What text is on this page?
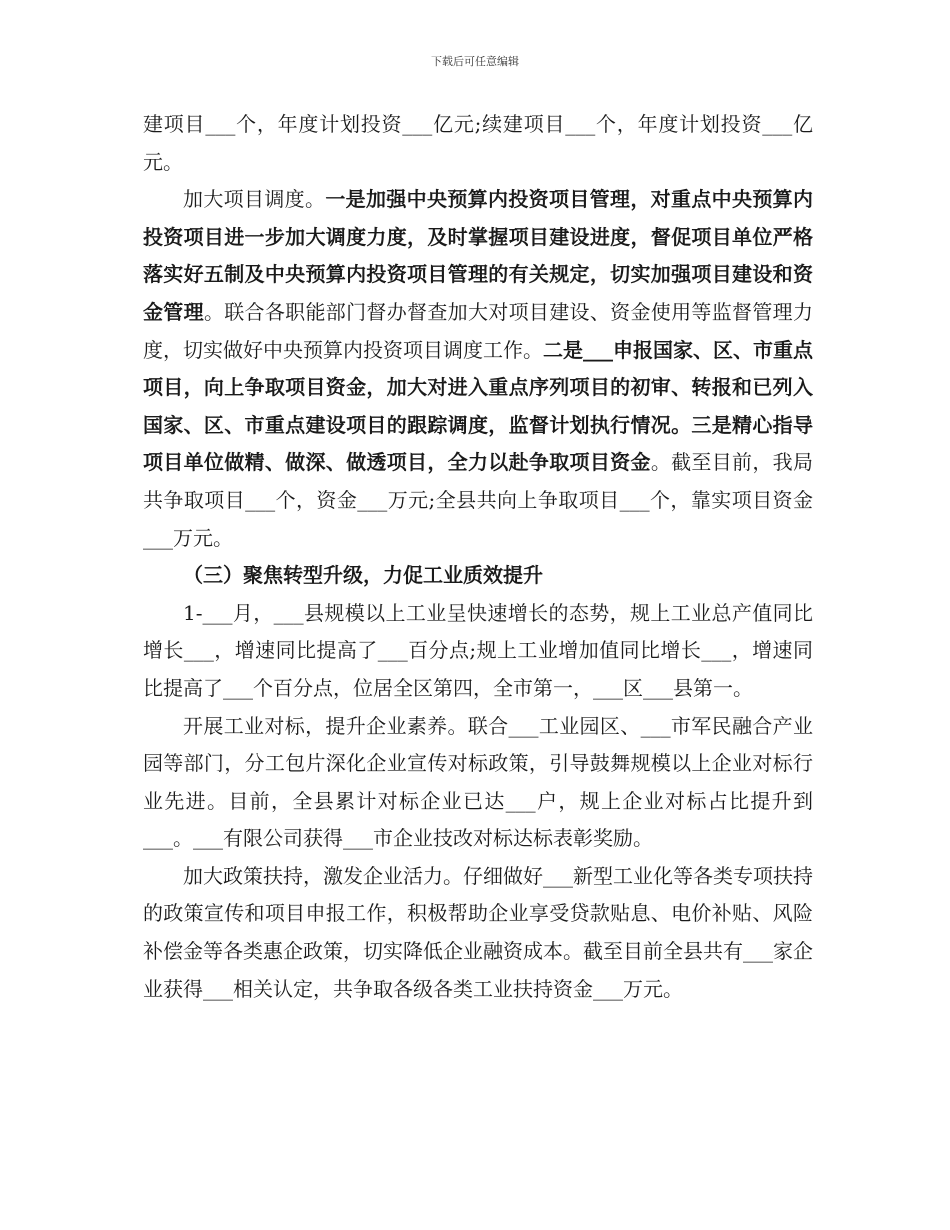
下载后可任意编辑

建项目___个，年度计划投资___亿元;续建项目___个，年度计划投资___亿元。

加大项目调度。一是加强中央预算内投资项目管理，对重点中央预算内投资项目进一步加大调度力度，及时掌握项目建设进度，督促项目单位严格落实好五制及中央预算内投资项目管理的有关规定，切实加强项目建设和资金管理。联合各职能部门督办督查加大对项目建设、资金使用等监督管理力度，切实做好中央预算内投资项目调度工作。二是___申报国家、区、市重点项目，向上争取项目资金，加大对进入重点序列项目的初审、转报和已列入国家、区、市重点建设项目的跟踪调度，监督计划执行情况。三是精心指导项目单位做精、做深、做透项目，全力以赴争取项目资金。截至目前，我局共争取项目___个，资金___万元;全县共向上争取项目___个，靠实项目资金___万元。

（三）聚焦转型升级，力促工业质效提升

1-___月，___县规模以上工业呈快速增长的态势，规上工业总产值同比增长___，增速同比提高了___百分点;规上工业增加值同比增长___，增速同比提高了___个百分点，位居全区第四，全市第一，___区___县第一。

开展工业对标，提升企业素养。联合___工业园区、___市军民融合产业园等部门，分工包片深化企业宣传对标政策，引导鼓舞规模以上企业对标行业先进。目前，全县累计对标企业已达___户，规上企业对标占比提升到___。___有限公司获得___市企业技改对标达标表彰奖励。

加大政策扶持，激发企业活力。仔细做好___新型工业化等各类专项扶持的政策宣传和项目申报工作，积极帮助企业享受贷款贴息、电价补贴、风险补偿金等各类惠企政策，切实降低企业融资成本。截至目前全县共有___家企业获得___相关认定，共争取各级各类工业扶持资金___万元。
